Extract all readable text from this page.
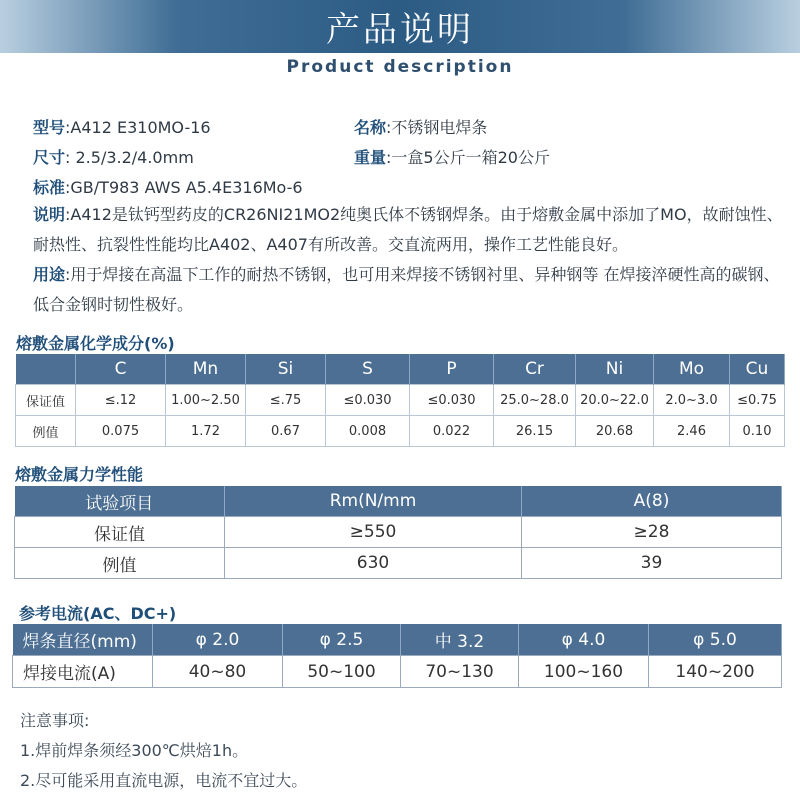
产品说明
Product description
型号:A412 E310MO-16	名称:不锈钢电焊条
尺寸: 2.5/3.2/4.0mm	重量:一盒5公斤一箱20公斤
标准:GB/T983 AWS A5.4E316Mo-6
说明:A412是钛钙型药皮的CR26NI21MO2纯奥氏体不锈钢焊条。由于熔敷金属中添加了MO，故耐蚀性、耐热性、抗裂性性能均比A402、A407有所改善。交直流两用，操作工艺性能良好。
用途:用于焊接在高温下工作的耐热不锈钢，也可用来焊接不锈钢衬里、异种钢等 在焊接淬硬性高的碳钢、低合金钢时韧性极好。
熔敷金属化学成分(%)
	C	Mn	Si	S	P	Cr	Ni	Mo	Cu
保证值	≤.12	1.00~2.50	≤.75	≤0.030	≤0.030	25.0~28.0	20.0~22.0	2.0~3.0	≤0.75
例值	0.075	1.72	0.67	0.008	0.022	26.15	20.68	2.46	0.10
熔敷金属力学性能
试验项目	Rm(N/mm	A(8)
保证值	≥550	≥28
例值	630	39
参考电流(AC、DC+)
焊条直径(mm)	φ 2.0	φ 2.5	中 3.2	φ 4.0	φ 5.0
焊接电流(A)	40~80	50~100	70~130	100~160	140~200
注意事项:
1.焊前焊条须经300℃烘焙1h。
2.尽可能采用直流电源，电流不宜过大。
